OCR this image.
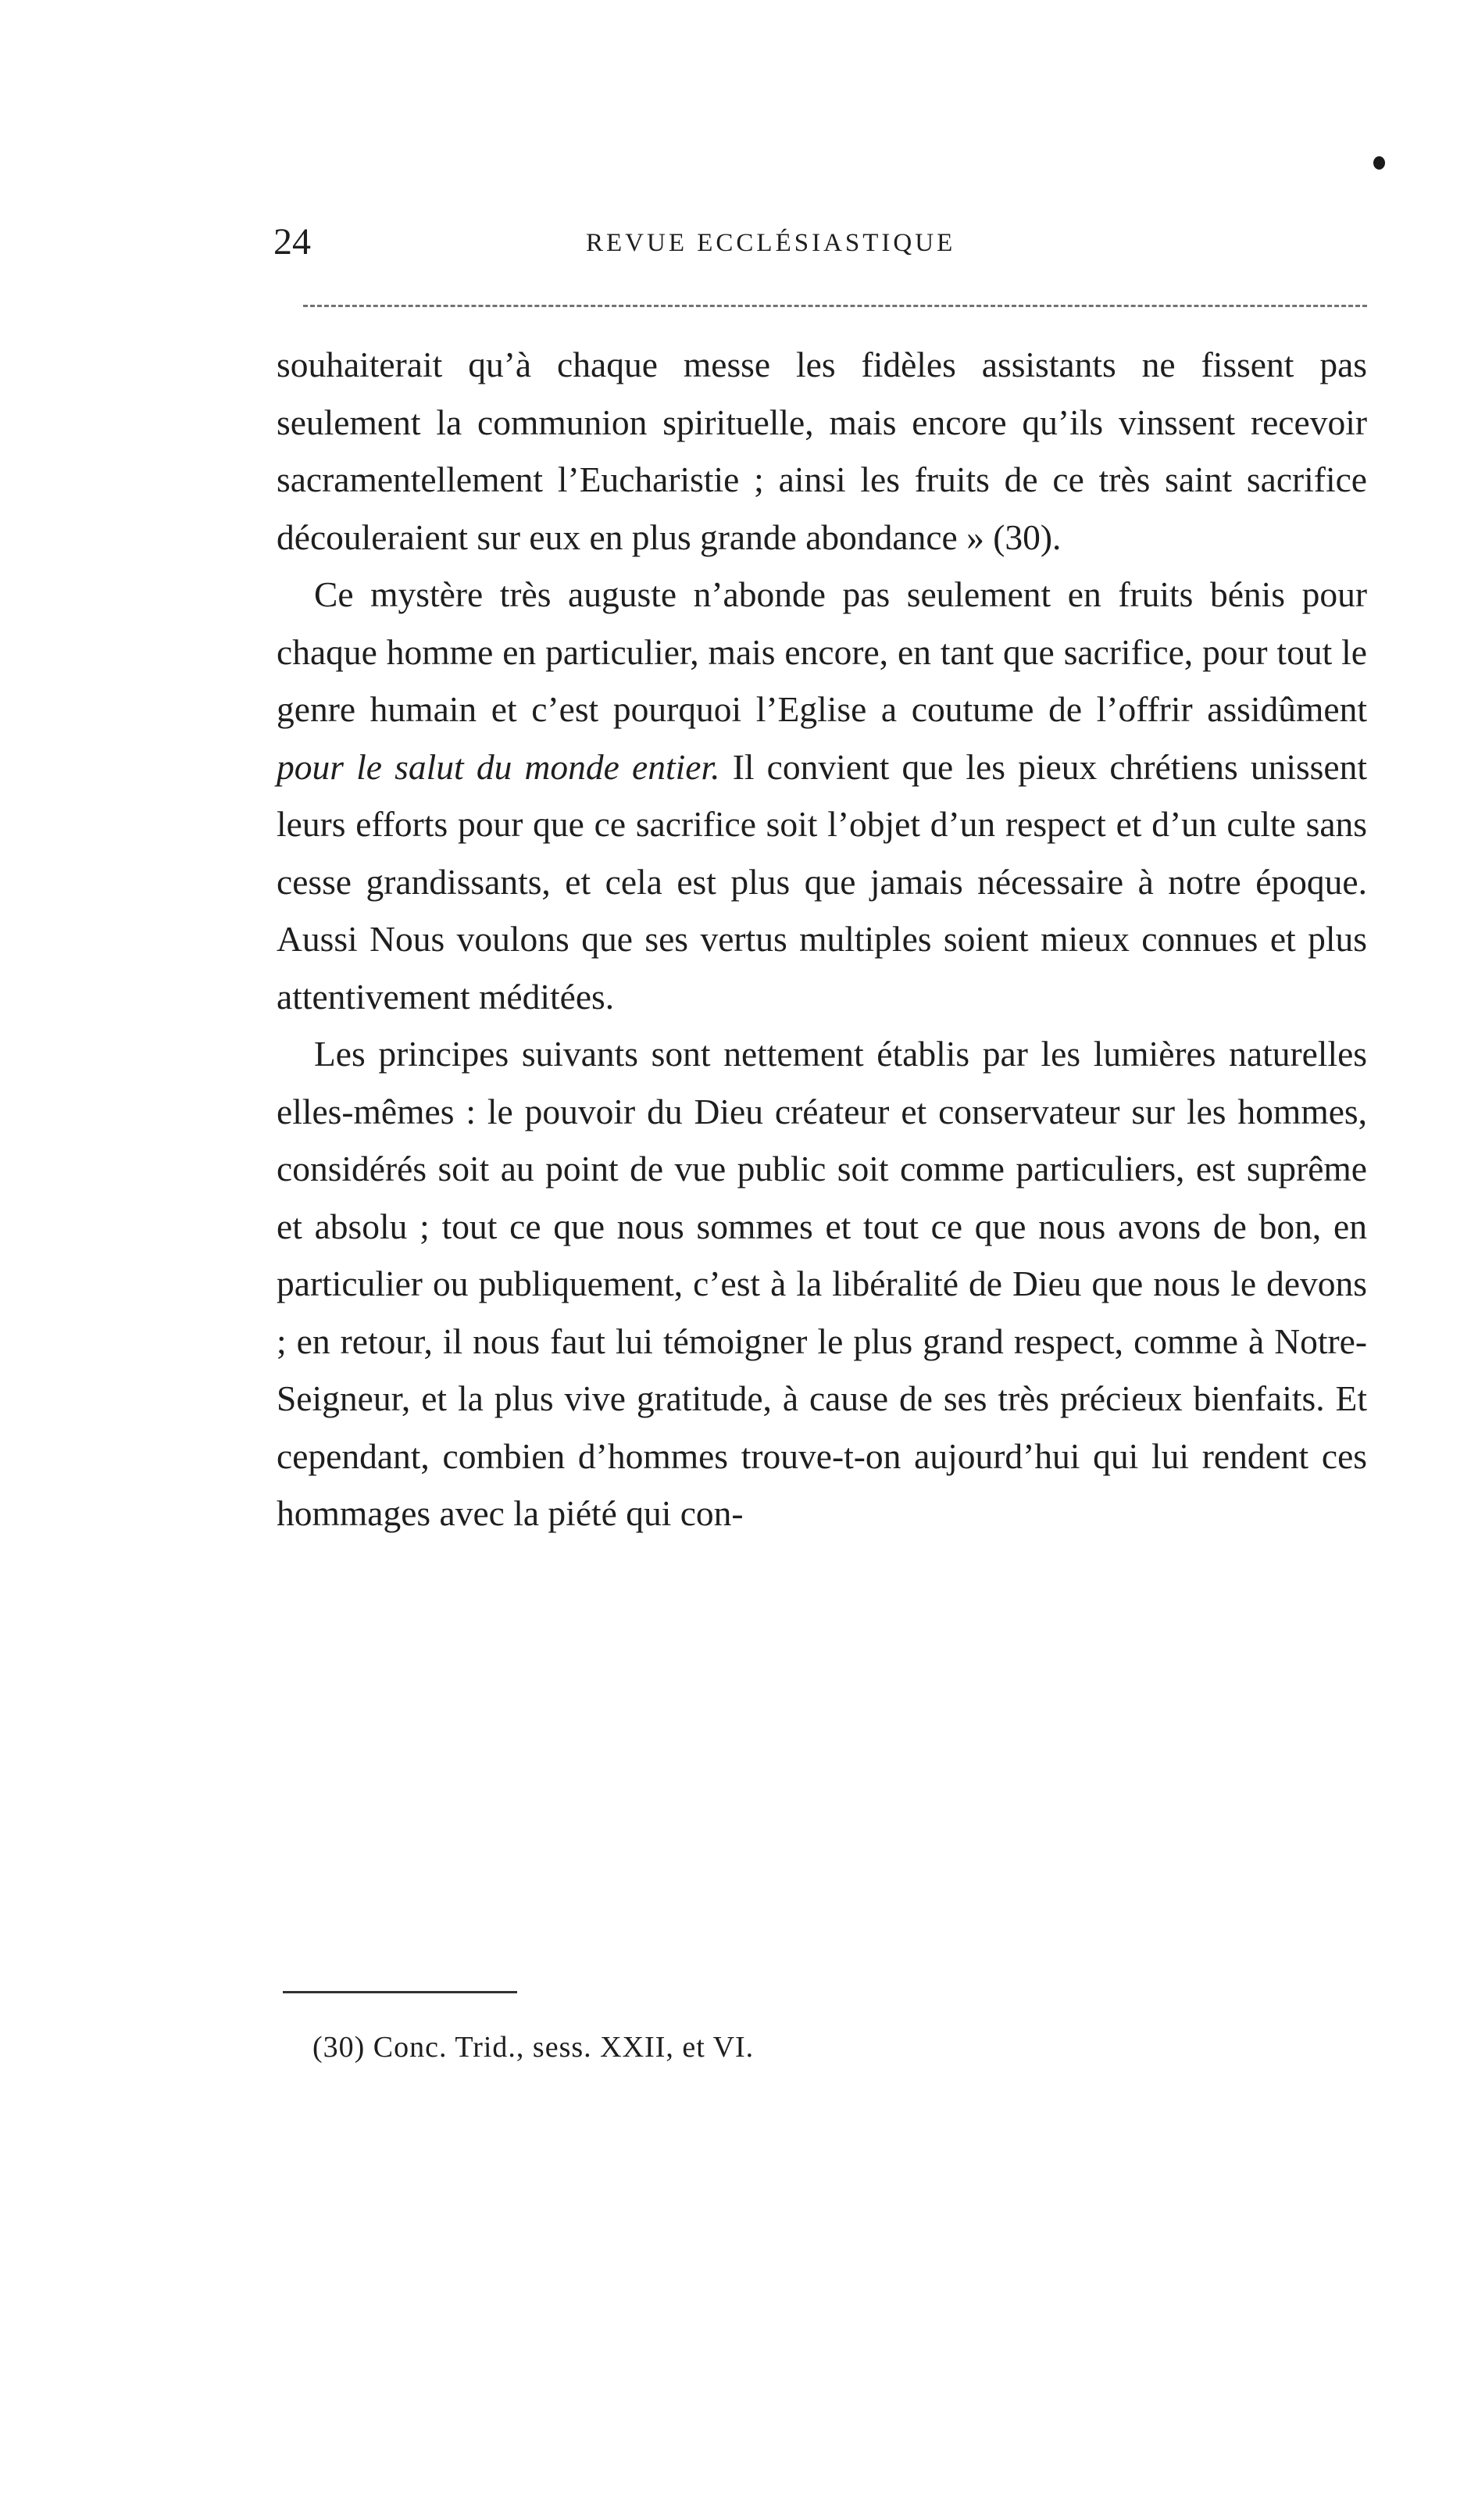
24	REVUE ECCLÉSIASTIQUE

souhaiterait qu’à chaque messe les fidèles assistants ne fissent pas seulement la communion spirituelle, mais encore qu’ils vinssent recevoir sacramentellement l’Eucharistie ; ainsi les fruits de ce très saint sacrifice découleraient sur eux en plus grande abondance » (30).

Ce mystère très auguste n’abonde pas seulement en fruits bénis pour chaque homme en particulier, mais encore, en tant que sacrifice, pour tout le genre humain et c’est pourquoi l’Eglise a coutume de l’offrir assidûment pour le salut du monde entier. Il convient que les pieux chrétiens unissent leurs efforts pour que ce sacrifice soit l’objet d’un respect et d’un culte sans cesse grandissants, et cela est plus que jamais nécessaire à notre époque. Aussi Nous voulons que ses vertus multiples soient mieux connues et plus attentivement méditées.

Les principes suivants sont nettement établis par les lumières naturelles elles-mêmes : le pouvoir du Dieu créateur et conservateur sur les hommes, considérés soit au point de vue public soit comme particuliers, est suprême et absolu ; tout ce que nous sommes et tout ce que nous avons de bon, en particulier ou publiquement, c’est à la libéralité de Dieu que nous le devons ; en retour, il nous faut lui témoigner le plus grand respect, comme à Notre-Seigneur, et la plus vive gratitude, à cause de ses très précieux bienfaits. Et cependant, combien d’hommes trouve-t-on aujourd’hui qui lui rendent ces hommages avec la piété qui con-

(30) Conc. Trid., sess. XXII, et VI.
